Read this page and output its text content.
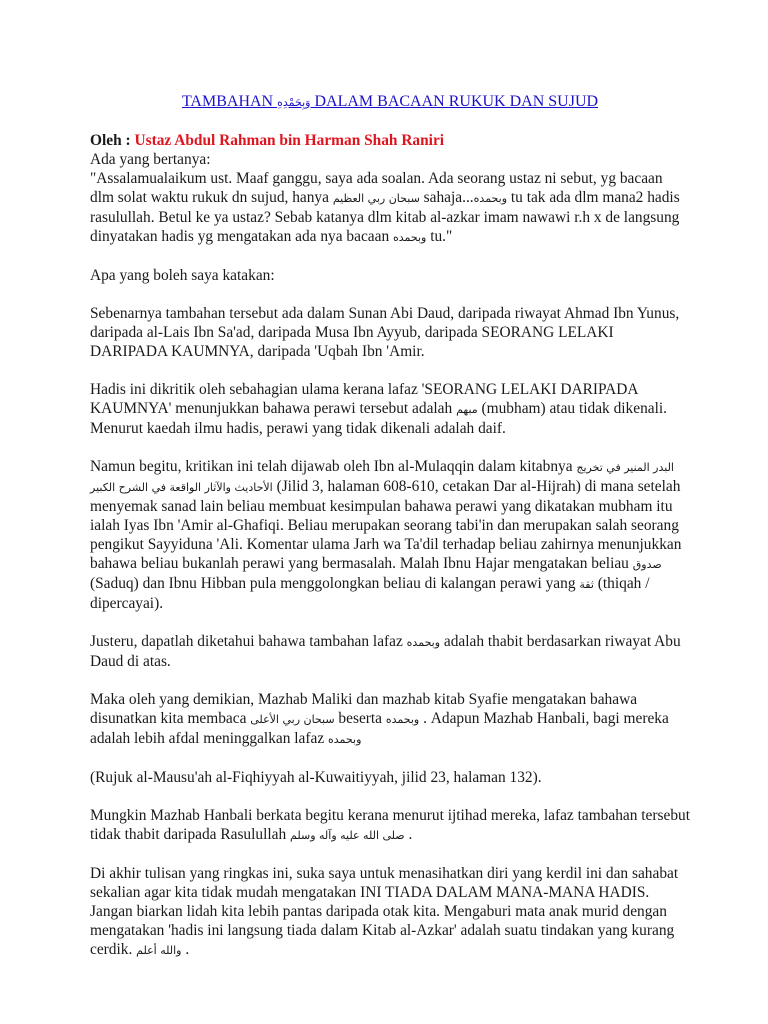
TAMBAHAN وَبِحَمْدِهِ DALAM BACAAN RUKUK DAN SUJUD

Oleh : Ustaz Abdul Rahman bin Harman Shah Raniri

Ada yang bertanya:

"Assalamualaikum ust. Maaf ganggu, saya ada soalan. Ada seorang ustaz ni sebut, yg bacaan dlm solat waktu rukuk dn sujud, hanya سبحان ربي العظيم sahaja...وبحمده tu tak ada dlm mana2 hadis rasulullah. Betul ke ya ustaz? Sebab katanya dlm kitab al-azkar imam nawawi r.h x de langsung dinyatakan hadis yg mengatakan ada nya bacaan وبحمده tu."

Apa yang boleh saya katakan:

Sebenarnya tambahan tersebut ada dalam Sunan Abi Daud, daripada riwayat Ahmad Ibn Yunus, daripada al-Lais Ibn Sa'ad, daripada Musa Ibn Ayyub, daripada SEORANG LELAKI DARIPADA KAUMNYA, daripada 'Uqbah Ibn 'Amir.

Hadis ini dikritik oleh sebahagian ulama kerana lafaz 'SEORANG LELAKI DARIPADA KAUMNYA' menunjukkan bahawa perawi tersebut adalah مبهم (mubham) atau tidak dikenali. Menurut kaedah ilmu hadis, perawi yang tidak dikenali adalah daif.

Namun begitu, kritikan ini telah dijawab oleh Ibn al-Mulaqqin dalam kitabnya البدر المنير في تخريج الأحاديث والآثار الواقعة في الشرح الكبير (Jilid 3, halaman 608-610, cetakan Dar al-Hijrah) di mana setelah menyemak sanad lain beliau membuat kesimpulan bahawa perawi yang dikatakan mubham itu ialah Iyas Ibn 'Amir al-Ghafiqi. Beliau merupakan seorang tabi'in dan merupakan salah seorang pengikut Sayyiduna 'Ali. Komentar ulama Jarh wa Ta'dil terhadap beliau zahirnya menunjukkan bahawa beliau bukanlah perawi yang bermasalah. Malah Ibnu Hajar mengatakan beliau صدوق (Saduq) dan Ibnu Hibban pula menggolongkan beliau di kalangan perawi yang ثقة (thiqah / dipercayai).

Justeru, dapatlah diketahui bahawa tambahan lafaz وبحمده adalah thabit berdasarkan riwayat Abu Daud di atas.

Maka oleh yang demikian, Mazhab Maliki dan mazhab kitab Syafie mengatakan bahawa disunatkan kita membaca سبحان ربي الأعلى beserta وبحمده . Adapun Mazhab Hanbali, bagi mereka adalah lebih afdal meninggalkan lafaz وبحمده

(Rujuk al-Mausu'ah al-Fiqhiyyah al-Kuwaitiyyah, jilid 23, halaman 132).

Mungkin Mazhab Hanbali berkata begitu kerana menurut ijtihad mereka, lafaz tambahan tersebut tidak thabit daripada Rasulullah صلى الله عليه وآله وسلم .

Di akhir tulisan yang ringkas ini, suka saya untuk menasihatkan diri yang kerdil ini dan sahabat sekalian agar kita tidak mudah mengatakan INI TIADA DALAM MANA-MANA HADIS. Jangan biarkan lidah kita lebih pantas daripada otak kita. Mengaburi mata anak murid dengan mengatakan 'hadis ini langsung tiada dalam Kitab al-Azkar' adalah suatu tindakan yang kurang cerdik. والله أعلم .
